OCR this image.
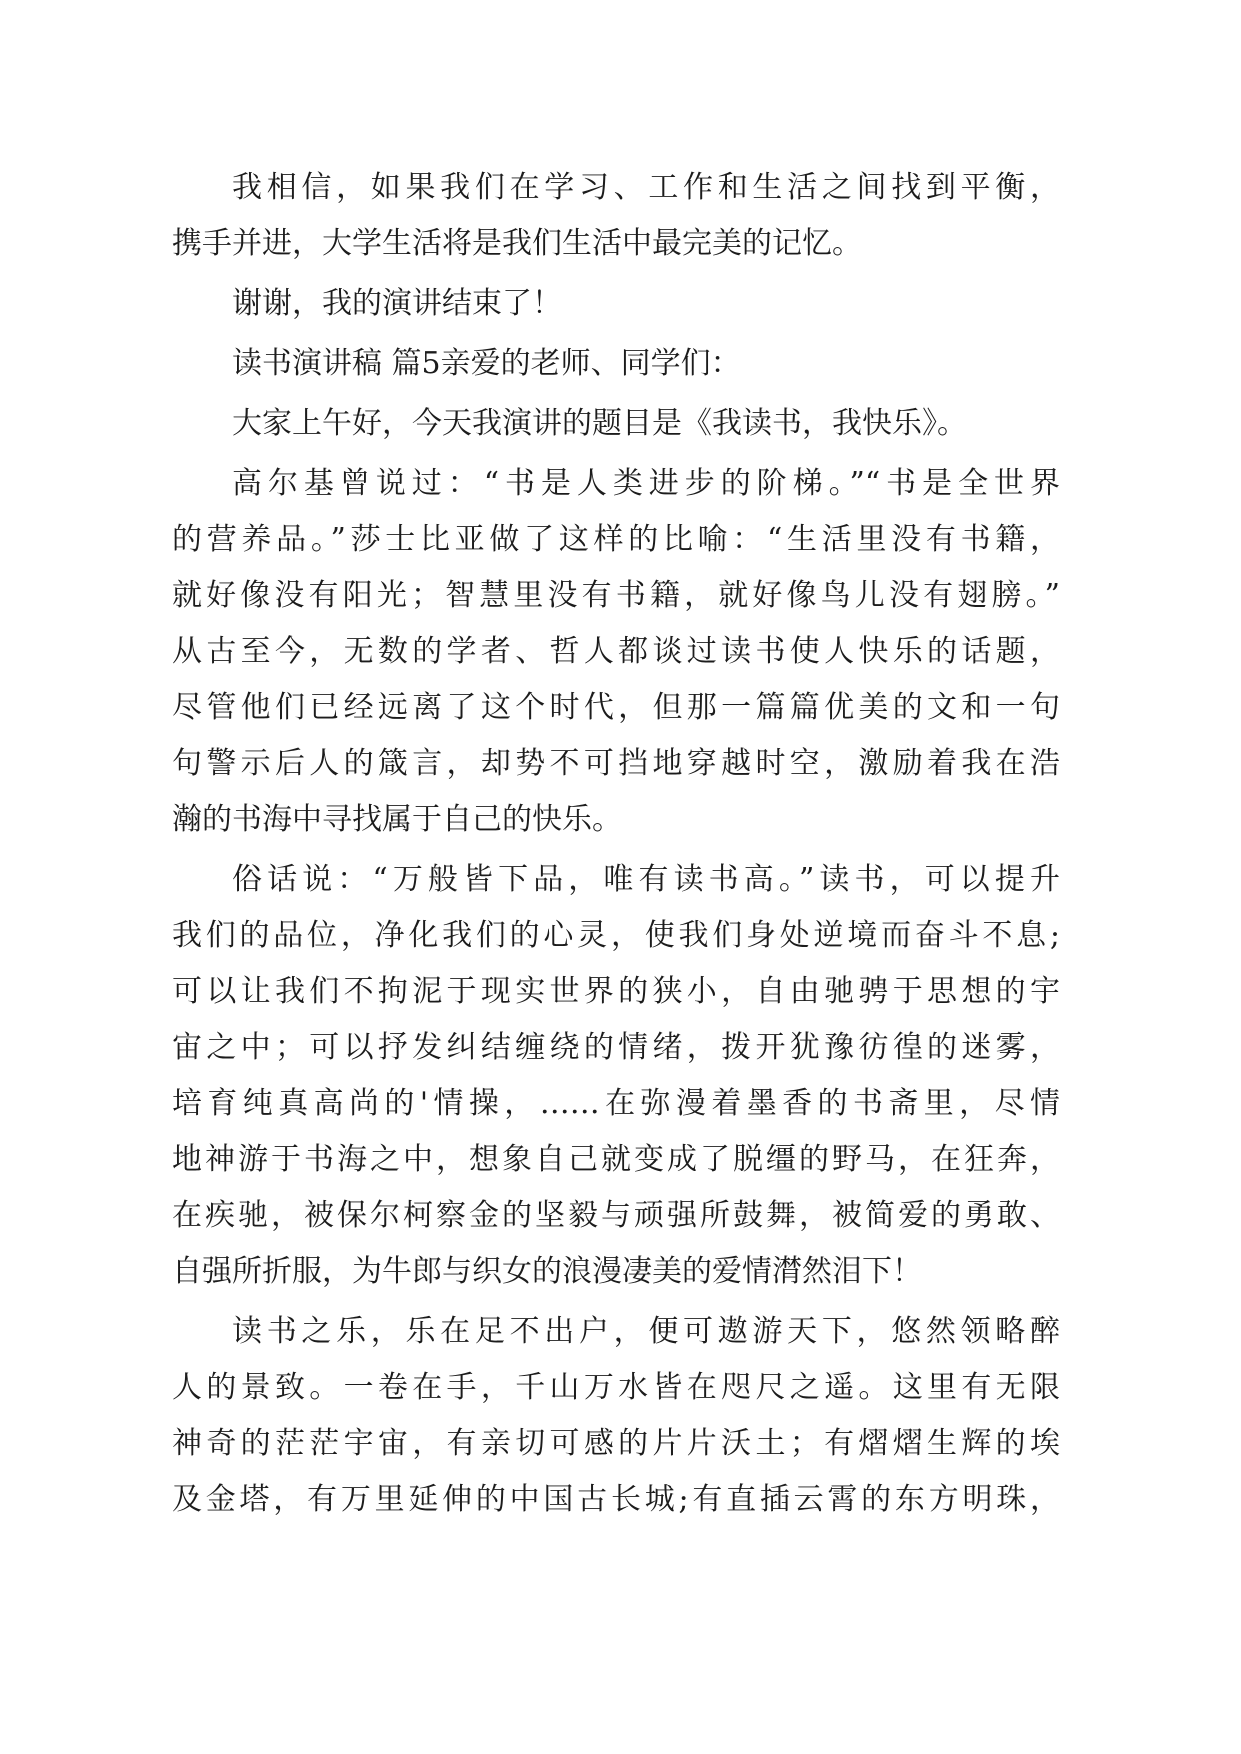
我相信，如果我们在学习、工作和生活之间找到平衡，
携手并进，大学生活将是我们生活中最完美的记忆。
谢谢，我的演讲结束了！
读书演讲稿 篇5亲爱的老师、同学们：
大家上午好，今天我演讲的题目是《我读书，我快乐》。
高尔基曾说过：“书是人类进步的阶梯。”“书是全世界
的营养品。”莎士比亚做了这样的比喻：“生活里没有书籍，
就好像没有阳光；智慧里没有书籍，就好像鸟儿没有翅膀。”
从古至今，无数的学者、哲人都谈过读书使人快乐的话题，
尽管他们已经远离了这个时代，但那一篇篇优美的文和一句
句警示后人的箴言，却势不可挡地穿越时空，激励着我在浩
瀚的书海中寻找属于自己的快乐。
俗话说：“万般皆下品，唯有读书高。”读书，可以提升
我们的品位，净化我们的心灵，使我们身处逆境而奋斗不息;
可以让我们不拘泥于现实世界的狭小，自由驰骋于思想的宇
宙之中；可以抒发纠结缠绕的情绪，拨开犹豫彷徨的迷雾，
培育纯真高尚的'情操，……在弥漫着墨香的书斋里，尽情
地神游于书海之中，想象自己就变成了脱缰的野马，在狂奔，
在疾驰，被保尔柯察金的坚毅与顽强所鼓舞，被简爱的勇敢、
自强所折服，为牛郎与织女的浪漫凄美的爱情潸然泪下！
读书之乐，乐在足不出户，便可遨游天下，悠然领略醉
人的景致。一卷在手，千山万水皆在咫尺之遥。这里有无限
神奇的茫茫宇宙，有亲切可感的片片沃土；有熠熠生辉的埃
及金塔，有万里延伸的中国古长城;有直插云霄的东方明珠，
